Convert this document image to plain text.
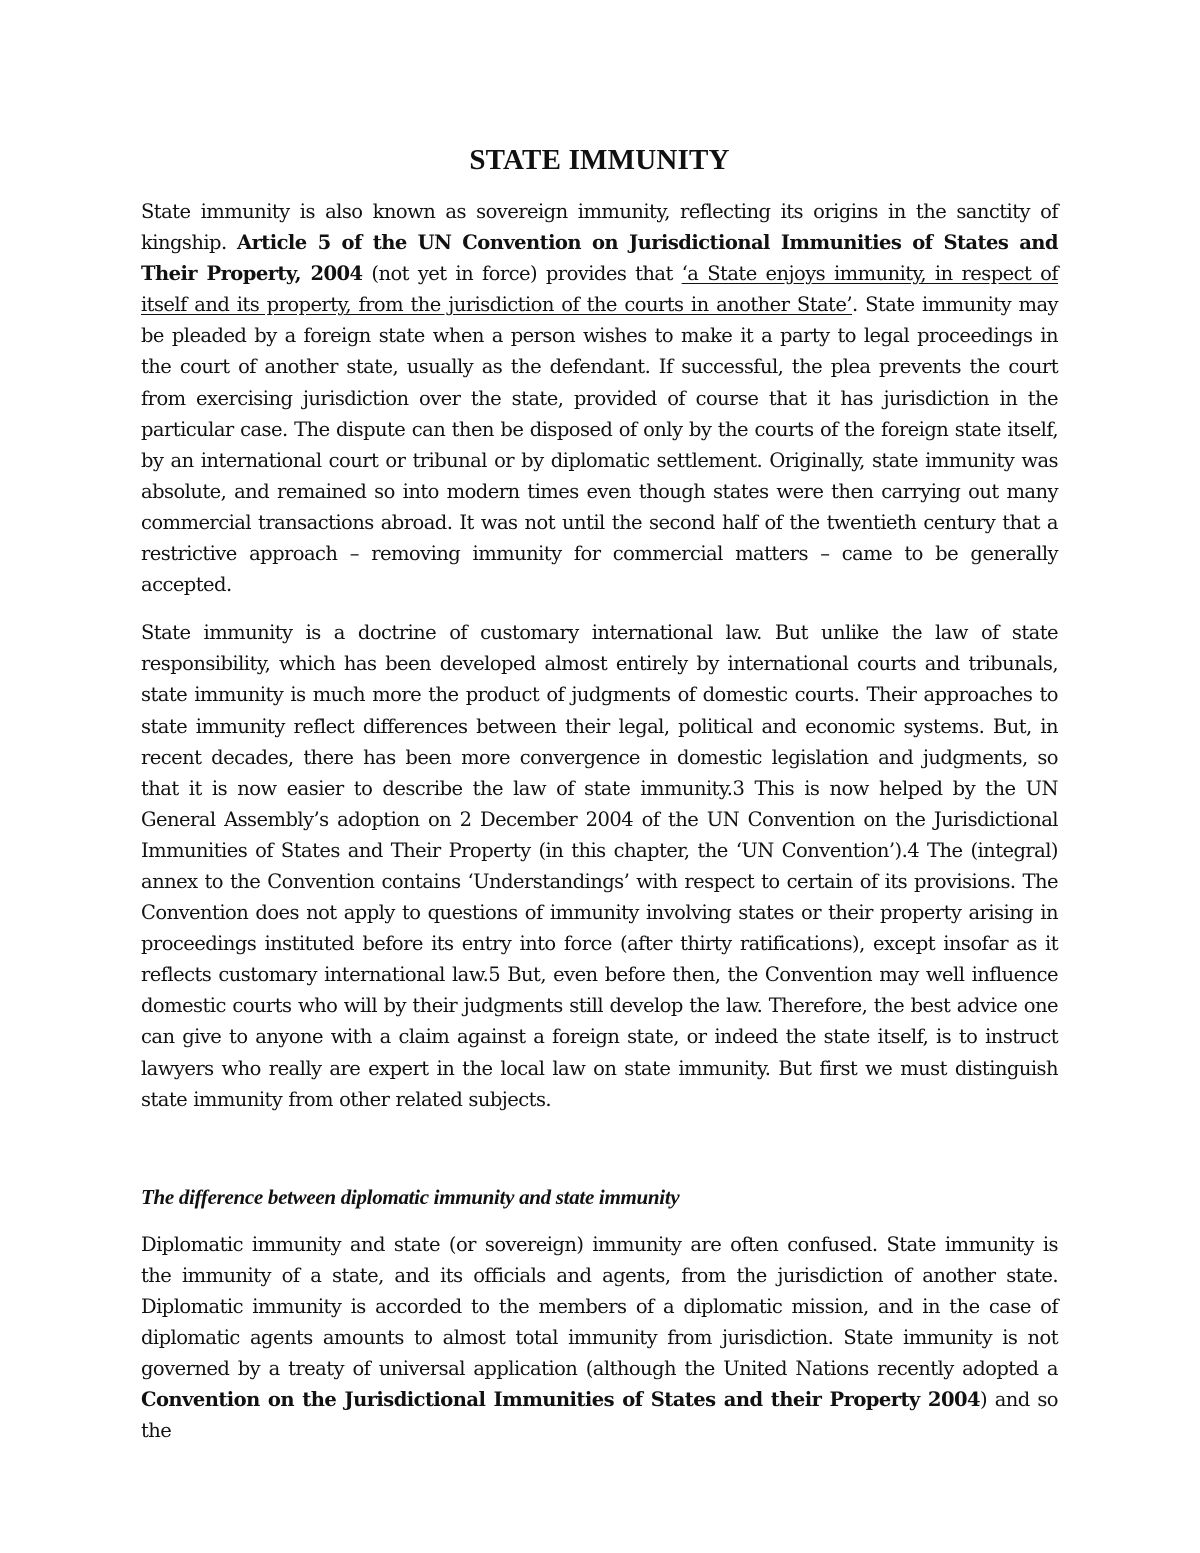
STATE IMMUNITY

State immunity is also known as sovereign immunity, reflecting its origins in the sanctity of kingship. Article 5 of the UN Convention on Jurisdictional Immunities of States and Their Property, 2004 (not yet in force) provides that ‘a State enjoys immunity, in respect of itself and its property, from the jurisdiction of the courts in another State’. State immunity may be pleaded by a foreign state when a person wishes to make it a party to legal proceedings in the court of another state, usually as the defendant. If successful, the plea prevents the court from exercising jurisdiction over the state, provided of course that it has jurisdiction in the particular case. The dispute can then be disposed of only by the courts of the foreign state itself, by an international court or tribunal or by diplomatic settlement. Originally, state immunity was absolute, and remained so into modern times even though states were then carrying out many commercial transactions abroad. It was not until the second half of the twentieth century that a restrictive approach – removing immunity for commercial matters – came to be generally accepted.

State immunity is a doctrine of customary international law. But unlike the law of state responsibility, which has been developed almost entirely by international courts and tribunals, state immunity is much more the product of judgments of domestic courts. Their approaches to state immunity reflect differences between their legal, political and economic systems. But, in recent decades, there has been more convergence in domestic legislation and judgments, so that it is now easier to describe the law of state immunity.3 This is now helped by the UN General Assembly’s adoption on 2 December 2004 of the UN Convention on the Jurisdictional Immunities of States and Their Property (in this chapter, the ‘UN Convention’).4 The (integral) annex to the Convention contains ‘Understandings’ with respect to certain of its provisions. The Convention does not apply to questions of immunity involving states or their property arising in proceedings instituted before its entry into force (after thirty ratifications), except insofar as it reflects customary international law.5 But, even before then, the Convention may well influence domestic courts who will by their judgments still develop the law. Therefore, the best advice one can give to anyone with a claim against a foreign state, or indeed the state itself, is to instruct lawyers who really are expert in the local law on state immunity. But first we must distinguish state immunity from other related subjects.

The difference between diplomatic immunity and state immunity

Diplomatic immunity and state (or sovereign) immunity are often confused. State immunity is the immunity of a state, and its officials and agents, from the jurisdiction of another state. Diplomatic immunity is accorded to the members of a diplomatic mission, and in the case of diplomatic agents amounts to almost total immunity from jurisdiction. State immunity is not governed by a treaty of universal application (although the United Nations recently adopted a Convention on the Jurisdictional Immunities of States and their Property 2004) and so the
